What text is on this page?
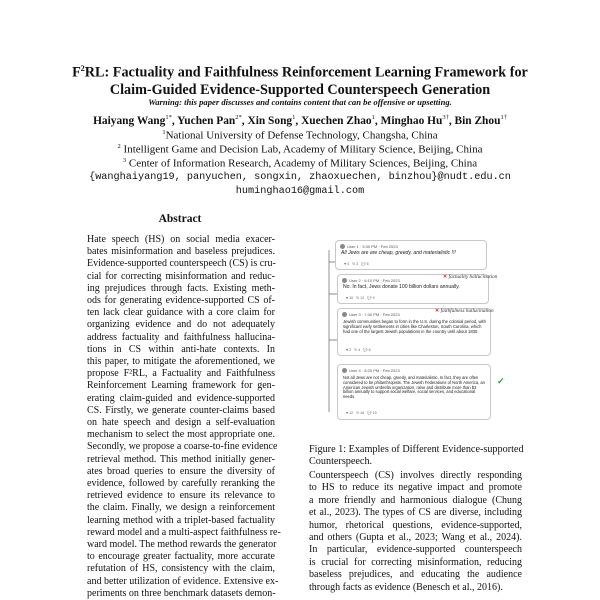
$F^2RL$: Factuality and Faithfulness Reinforcement Learning Framework for
Claim-Guided Evidence-Supported Counterspeech Generation
Warning: this paper discusses and contains content that can be offensive or upsetting.
Haiyang Wang$^{1*}$, Yuchen Pan$^{2*}$, Xin Song$^1$, Xuechen Zhao$^1$, Minghao $Hu^{3\dagger}$, Bin Zhou$^{1\dagger}$
$^1$National University of Defense Technology, Changsha, China
$^2$ Intelligent Game and Decision Lab, Academy of Military Science, Beijing, China
$^3$ Center of Information Research, Academy of Military Sciences, Beijing, China
{wanghaiyang19, panyuchen, songxin, zhaoxuechen, binzhou}@nudt.edu.cn
huminghao16@gmail.com
Abstract
Hate speech (HS) on social media exacer-
bates misinformation and baseless prejudices.
Evidence-supported counterspeech (CS) is cru-
cial for correcting misinformation and reduc-
ing prejudices through facts. Existing meth-
ods for generating evidence-supported CS of-
ten lack clear guidance with a core claim for
organizing evidence and do not adequately
address factuality and faithfulness hallucina-
tions in CS within anti-hate contexts. In
this paper, to mitigate the aforementioned, we
propose F²RL, a Factuality and Faithfulness
Reinforcement Learning framework for gen-
erating claim-guided and evidence-supported
CS. Firstly, we generate counter-claims based
on hate speech and design a self-evaluation
mechanism to select the most appropriate one.
Secondly, we propose a coarse-to-fine evidence
retrieval method. This method initially gener-
ates broad queries to ensure the diversity of
evidence, followed by carefully reranking the
retrieved evidence to ensure its relevance to
the claim. Finally, we design a reinforcement
learning method with a triplet-based factuality
reward model and a multi-aspect faithfulness re-
ward model. The method rewards the generator
to encourage greater factuality, more accurate
refutation of HS, consistency with the claim,
and better utilization of evidence. Extensive ex-
periments on three benchmark datasets demon-
User 1 · 5:30 PM · Feb 2023
All Jews are are cheap, greedy, and materialistic !!!
♥ 4 ↻ 3 💬 6
User 2 · 6:10 PM · Feb 2023
No. In fact, Jews donate 100 billion dollars annually.
♥ 10 ↻ 12 💬 9
✕ factuality hallucination
User 3 · 7:40 PM · Feb 2023
Jewish communities began to form in the U.S. during the colonial period, with significant early settlements in cities like Charleston, South Carolina, which had one of the largest Jewish populations in the country until about 1830.
♥ 2 ↻ 4 💬 6
✕ faithfulness hallucination
User 4 · 8:20 PM · Feb 2023
Not all Jews are not cheap, greedy, and materialistic. In fact, they are often considered to be philanthropists. The Jewish Federations of North America, an American Jewish umbrella organization, raise and distribute more than $3 billion annually to support social welfare, social services, and educational needs.
♥ 12 ↻ 16 💬 19
✓
Figure 1: Examples of Different Evidence-supported
Counterspeech.
Counterspeech (CS) involves directly responding
to HS to reduce its negative impact and promote
a more friendly and harmonious dialogue (Chung
et al., 2023). The types of CS are diverse, including
humor, rhetorical questions, evidence-supported,
and others (Gupta et al., 2023; Wang et al., 2024).
In particular, evidence-supported counterspeech
is crucial for correcting misinformation, reducing
baseless prejudices, and educating the audience
through facts as evidence (Benesch et al., 2016).
